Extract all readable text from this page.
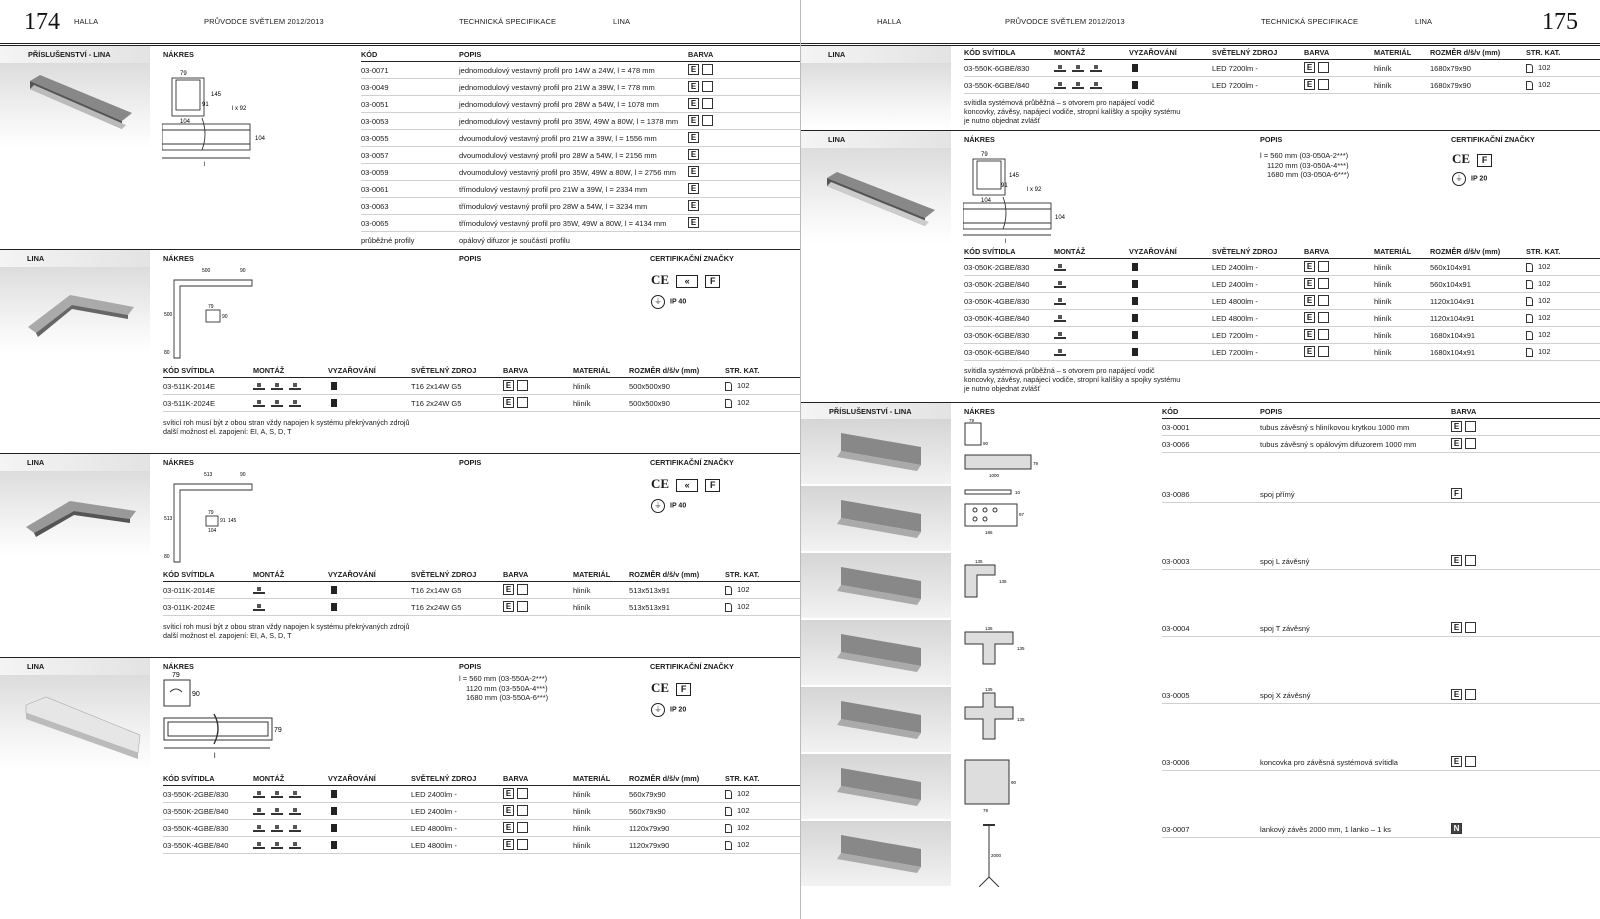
174 HALLA	PRŮVODCE SVĚTLEM 2012/2013	TECHNICKÁ SPECIFIKACE	LINA
PŘÍSLUŠENSTVÍ - LINA	NÁKRES	KÓD	POPIS	BARVA
79
145
91
l x 92
104
104
l
03-0071	jednomodulový vestavný profil pro 14W a 24W, l = 478 mm	E
03-0049	jednomodulový vestavný profil pro 21W a 39W, l = 778 mm	E
03-0051	jednomodulový vestavný profil pro 28W a 54W, l = 1078 mm	E
03-0053	jednomodulový vestavný profil pro 35W, 49W a 80W, l = 1378 mm	E
03-0055	dvoumodulový vestavný profil pro 21W a 39W, l = 1556 mm	E
03-0057	dvoumodulový vestavný profil pro 28W a 54W, l = 2156 mm	E
03-0059	dvoumodulový vestavný profil pro 35W, 49W a 80W, l = 2756 mm	E
03-0061	třímodulový vestavný profil pro 21W a 39W, l = 2334 mm	E
03-0063	třímodulový vestavný profil pro 28W a 54W, l = 3234 mm	E
03-0065	třímodulový vestavný profil pro 35W, 49W a 80W, l = 4134 mm	E
průběžné profily	opálový difuzor je součástí profilu
LINA	NÁKRES	POPIS	CERTIFIKAČNÍ ZNAČKY
500	90
500
79
90
80
CE « F
⏚ IP 40
svíticí roh musí být z obou stran vždy napojen k systému překrývaných zdrojů
další možnost el. zapojení: EI, A, S, D, T
KÓD SVÍTIDLA	MONTÁŽ	VYZAŘOVÁNÍ	SVĚTELNÝ ZDROJ	BARVA	MATERIÁL	ROZMĚR d/š/v (mm)	STR. KAT.
03-511K-2014E	T16 2x14W G5	E	hliník	500x500x90	102
03-511K-2024E	T16 2x24W G5	E	hliník	500x500x90	102
LINA	NÁKRES	POPIS	CERTIFIKAČNÍ ZNAČKY
513	90
513
79
91 145
104
80
CE « F
⏚ IP 40
svíticí roh musí být z obou stran vždy napojen k systému překrývaných zdrojů
další možnost el. zapojení: EI, A, S, D, T
KÓD SVÍTIDLA	MONTÁŽ	VYZAŘOVÁNÍ	SVĚTELNÝ ZDROJ	BARVA	MATERIÁL	ROZMĚR d/š/v (mm)	STR. KAT.
03-011K-2014E	T16 2x14W G5	E	hliník	513x513x91	102
03-011K-2024E	T16 2x24W G5	E	hliník	513x513x91	102
LINA	NÁKRES	POPIS	CERTIFIKAČNÍ ZNAČKY
79
90
79
l
l = 560 mm (03-550A-2***)
1120 mm (03-550A-4***)
1680 mm (03-550A-6***)
CE F
⏚ IP 20
KÓD SVÍTIDLA	MONTÁŽ	VYZAŘOVÁNÍ	SVĚTELNÝ ZDROJ	BARVA	MATERIÁL	ROZMĚR d/š/v (mm)	STR. KAT.
03-550K-2GBE/830	LED 2400lm -	E	hliník	560x79x90	102
03-550K-2GBE/840	LED 2400lm -	E	hliník	560x79x90	102
03-550K-4GBE/830	LED 4800lm -	E	hliník	1120x79x90	102
03-550K-4GBE/840	LED 4800lm -	E	hliník	1120x79x90	102
HALLA	PRŮVODCE SVĚTLEM 2012/2013	TECHNICKÁ SPECIFIKACE	LINA	175
LINA
svítidla systémová průběžná – s otvorem pro napájecí vodič
koncovky, závěsy, napájecí vodiče, stropní kalíšky a spojky systému
je nutno objednat zvlášť
KÓD SVÍTIDLA	MONTÁŽ	VYZAŘOVÁNÍ	SVĚTELNÝ ZDROJ	BARVA	MATERIÁL	ROZMĚR d/š/v (mm)	STR. KAT.
03-550K-6GBE/830	LED 7200lm -	E	hliník	1680x79x90	102
03-550K-6GBE/840	LED 7200lm -	E	hliník	1680x79x90	102
LINA	NÁKRES	POPIS	CERTIFIKAČNÍ ZNAČKY
79
145
91
l x 92
104
104
l
l = 560 mm (03-050A-2***)
1120 mm (03-050A-4***)
1680 mm (03-050A-6***)
CE F
⏚ IP 20
svítidla systémová průběžná – s otvorem pro napájecí vodič
koncovky, závěsy, napájecí vodiče, stropní kalíšky a spojky systému
je nutno objednat zvlášť
KÓD SVÍTIDLA	MONTÁŽ	VYZAŘOVÁNÍ	SVĚTELNÝ ZDROJ	BARVA	MATERIÁL	ROZMĚR d/š/v (mm)	STR. KAT.
03-050K-2GBE/830	LED 2400lm -	E	hliník	560x104x91	102
03-050K-2GBE/840	LED 2400lm -	E	hliník	560x104x91	102
03-050K-4GBE/830	LED 4800lm -	E	hliník	1120x104x91	102
03-050K-4GBE/840	LED 4800lm -	E	hliník	1120x104x91	102
03-050K-6GBE/830	LED 7200lm -	E	hliník	1680x104x91	102
03-050K-6GBE/840	LED 7200lm -	E	hliník	1680x104x91	102
PŘÍSLUŠENSTVÍ - LINA	NÁKRES	KÓD	POPIS	BARVA
79
90
1000
79
03-0001	tubus závěsný s hliníkovou krytkou 1000 mm	E
03-0066	tubus závěsný s opálovým difuzorem 1000 mm	E
10
97
186
03-0086	spoj přímý	F
135
135
03-0003	spoj L závěsný	E
135
135
03-0004	spoj T závěsný	E
135
135
03-0005	spoj X závěsný	E
90
79
03-0006	koncovka pro závěsná systémová svítidla	E
2000
03-0007	lankový závěs 2000 mm, 1 lanko – 1 ks	N
